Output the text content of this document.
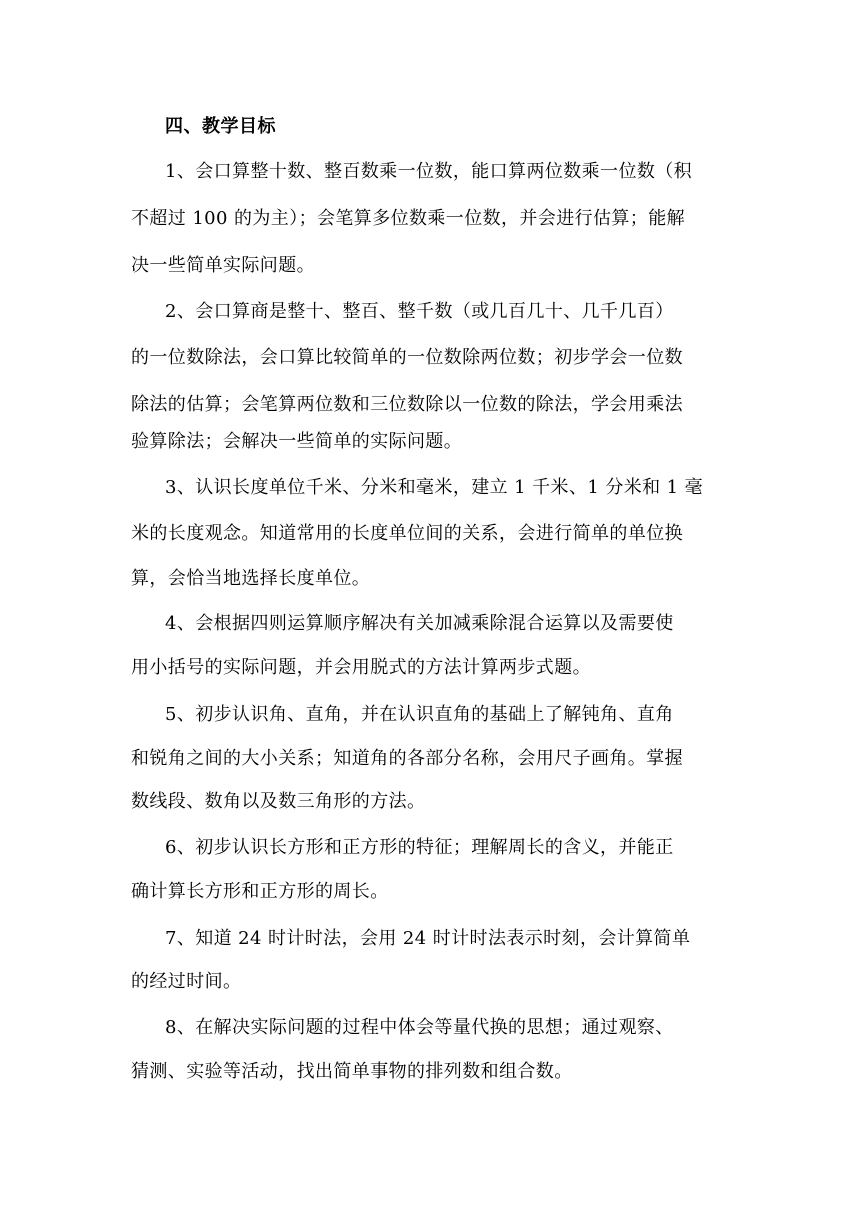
四、教学目标
1、会口算整十数、整百数乘一位数，能口算两位数乘一位数（积
不超过 100 的为主）；会笔算多位数乘一位数，并会进行估算；能解
决一些简单实际问题。
2、会口算商是整十、整百、整千数（或几百几十、几千几百）
的一位数除法，会口算比较简单的一位数除两位数；初步学会一位数
除法的估算；会笔算两位数和三位数除以一位数的除法，学会用乘法
验算除法；会解决一些简单的实际问题。
3、认识长度单位千米、分米和毫米，建立 1 千米、1 分米和 1 毫
米的长度观念。知道常用的长度单位间的关系，会进行简单的单位换
算，会恰当地选择长度单位。
4、会根据四则运算顺序解决有关加减乘除混合运算以及需要使
用小括号的实际问题，并会用脱式的方法计算两步式题。
5、初步认识角、直角，并在认识直角的基础上了解钝角、直角
和锐角之间的大小关系；知道角的各部分名称，会用尺子画角。掌握
数线段、数角以及数三角形的方法。
6、初步认识长方形和正方形的特征；理解周长的含义，并能正
确计算长方形和正方形的周长。
7、知道 24 时计时法，会用 24 时计时法表示时刻，会计算简单
的经过时间。
8、在解决实际问题的过程中体会等量代换的思想；通过观察、
猜测、实验等活动，找出简单事物的排列数和组合数。
